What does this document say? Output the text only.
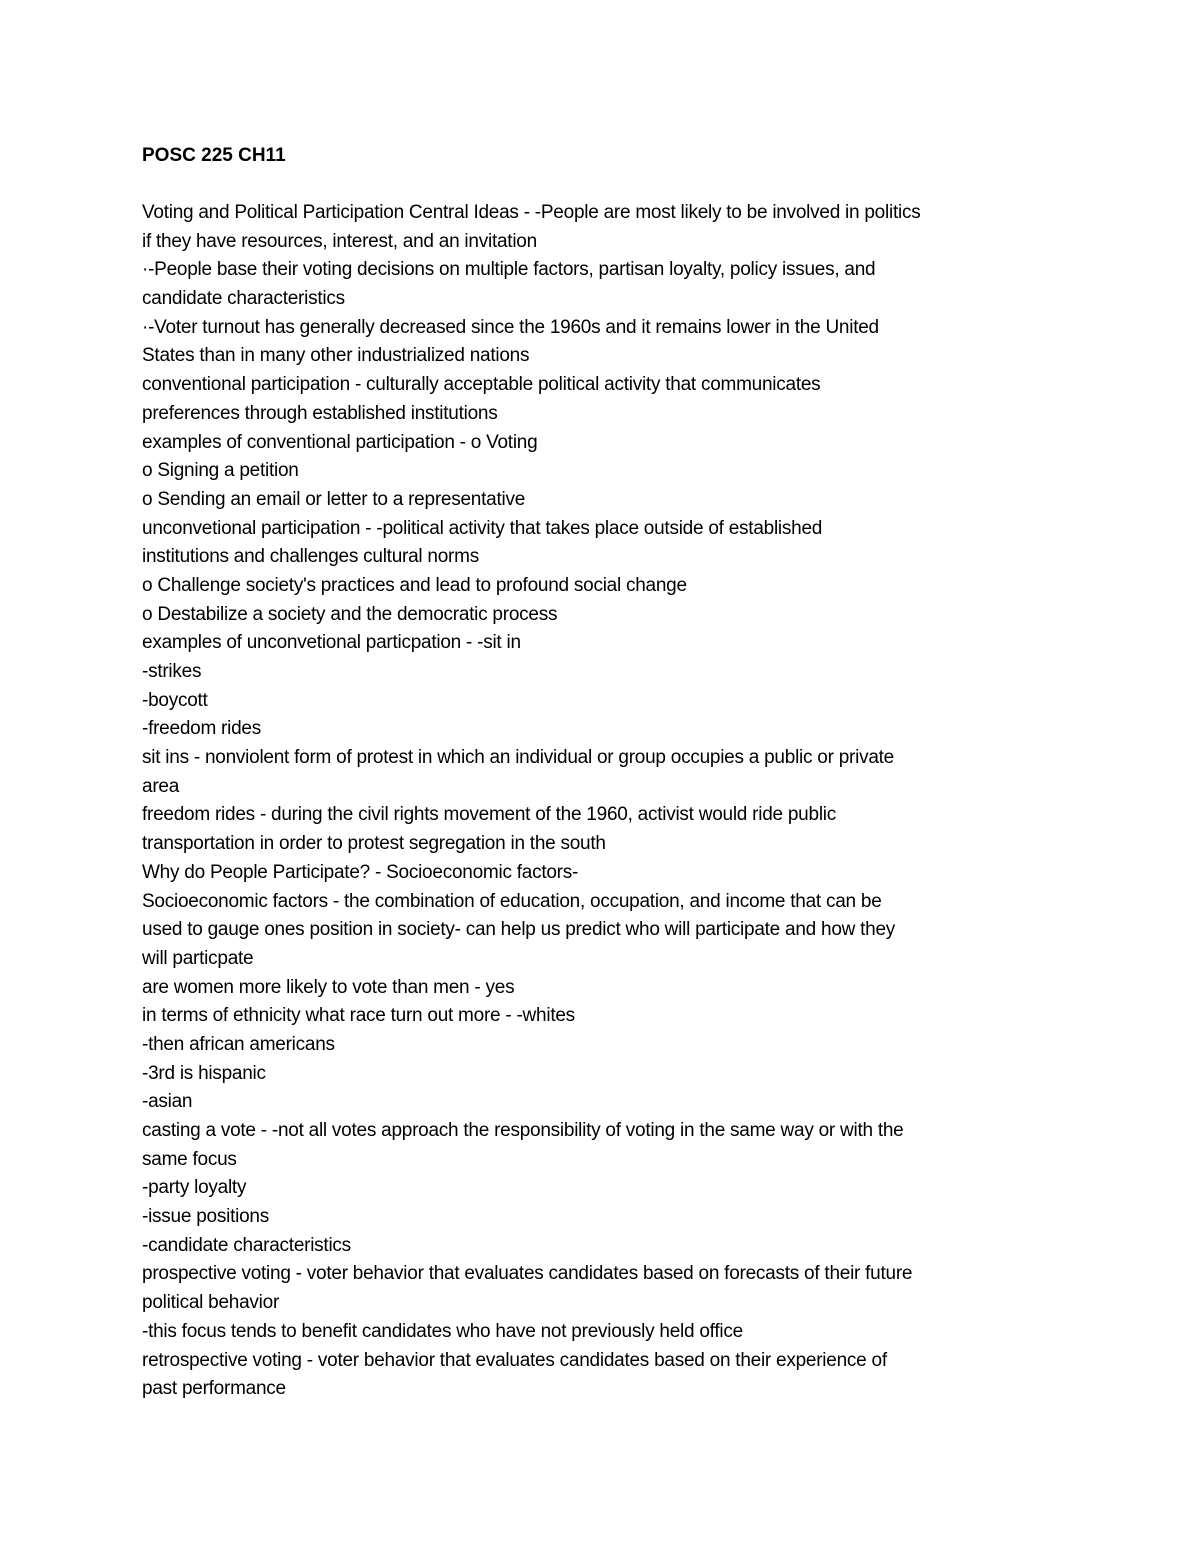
POSC 225 CH11
Voting and Political Participation Central Ideas - -People are most likely to be involved in politics
if they have resources, interest, and an invitation
·-People base their voting decisions on multiple factors, partisan loyalty, policy issues, and
candidate characteristics
·-Voter turnout has generally decreased since the 1960s and it remains lower in the United
States than in many other industrialized nations
conventional participation - culturally acceptable political activity that communicates
preferences through established institutions
examples of conventional participation - o Voting
o Signing a petition
o Sending an email or letter to a representative
unconvetional participation - -political activity that takes place outside of established
institutions and challenges cultural norms
o Challenge society's practices and lead to profound social change
o Destabilize a society and the democratic process
examples of unconvetional particpation - -sit in
-strikes
-boycott
-freedom rides
sit ins - nonviolent form of protest in which an individual or group occupies a public or private
area
freedom rides - during the civil rights movement of the 1960, activist would ride public
transportation in order to protest segregation in the south
Why do People Participate? - Socioeconomic factors-
Socioeconomic factors - the combination of education, occupation, and income that can be
used to gauge ones position in society- can help us predict who will participate and how they
will particpate
are women more likely to vote than men - yes
in terms of ethnicity what race turn out more - -whites
-then african americans
-3rd is hispanic
-asian
casting a vote - -not all votes approach the responsibility of voting in the same way or with the
same focus
-party loyalty
-issue positions
-candidate characteristics
prospective voting - voter behavior that evaluates candidates based on forecasts of their future
political behavior
-this focus tends to benefit candidates who have not previously held office
retrospective voting - voter behavior that evaluates candidates based on their experience of
past performance
